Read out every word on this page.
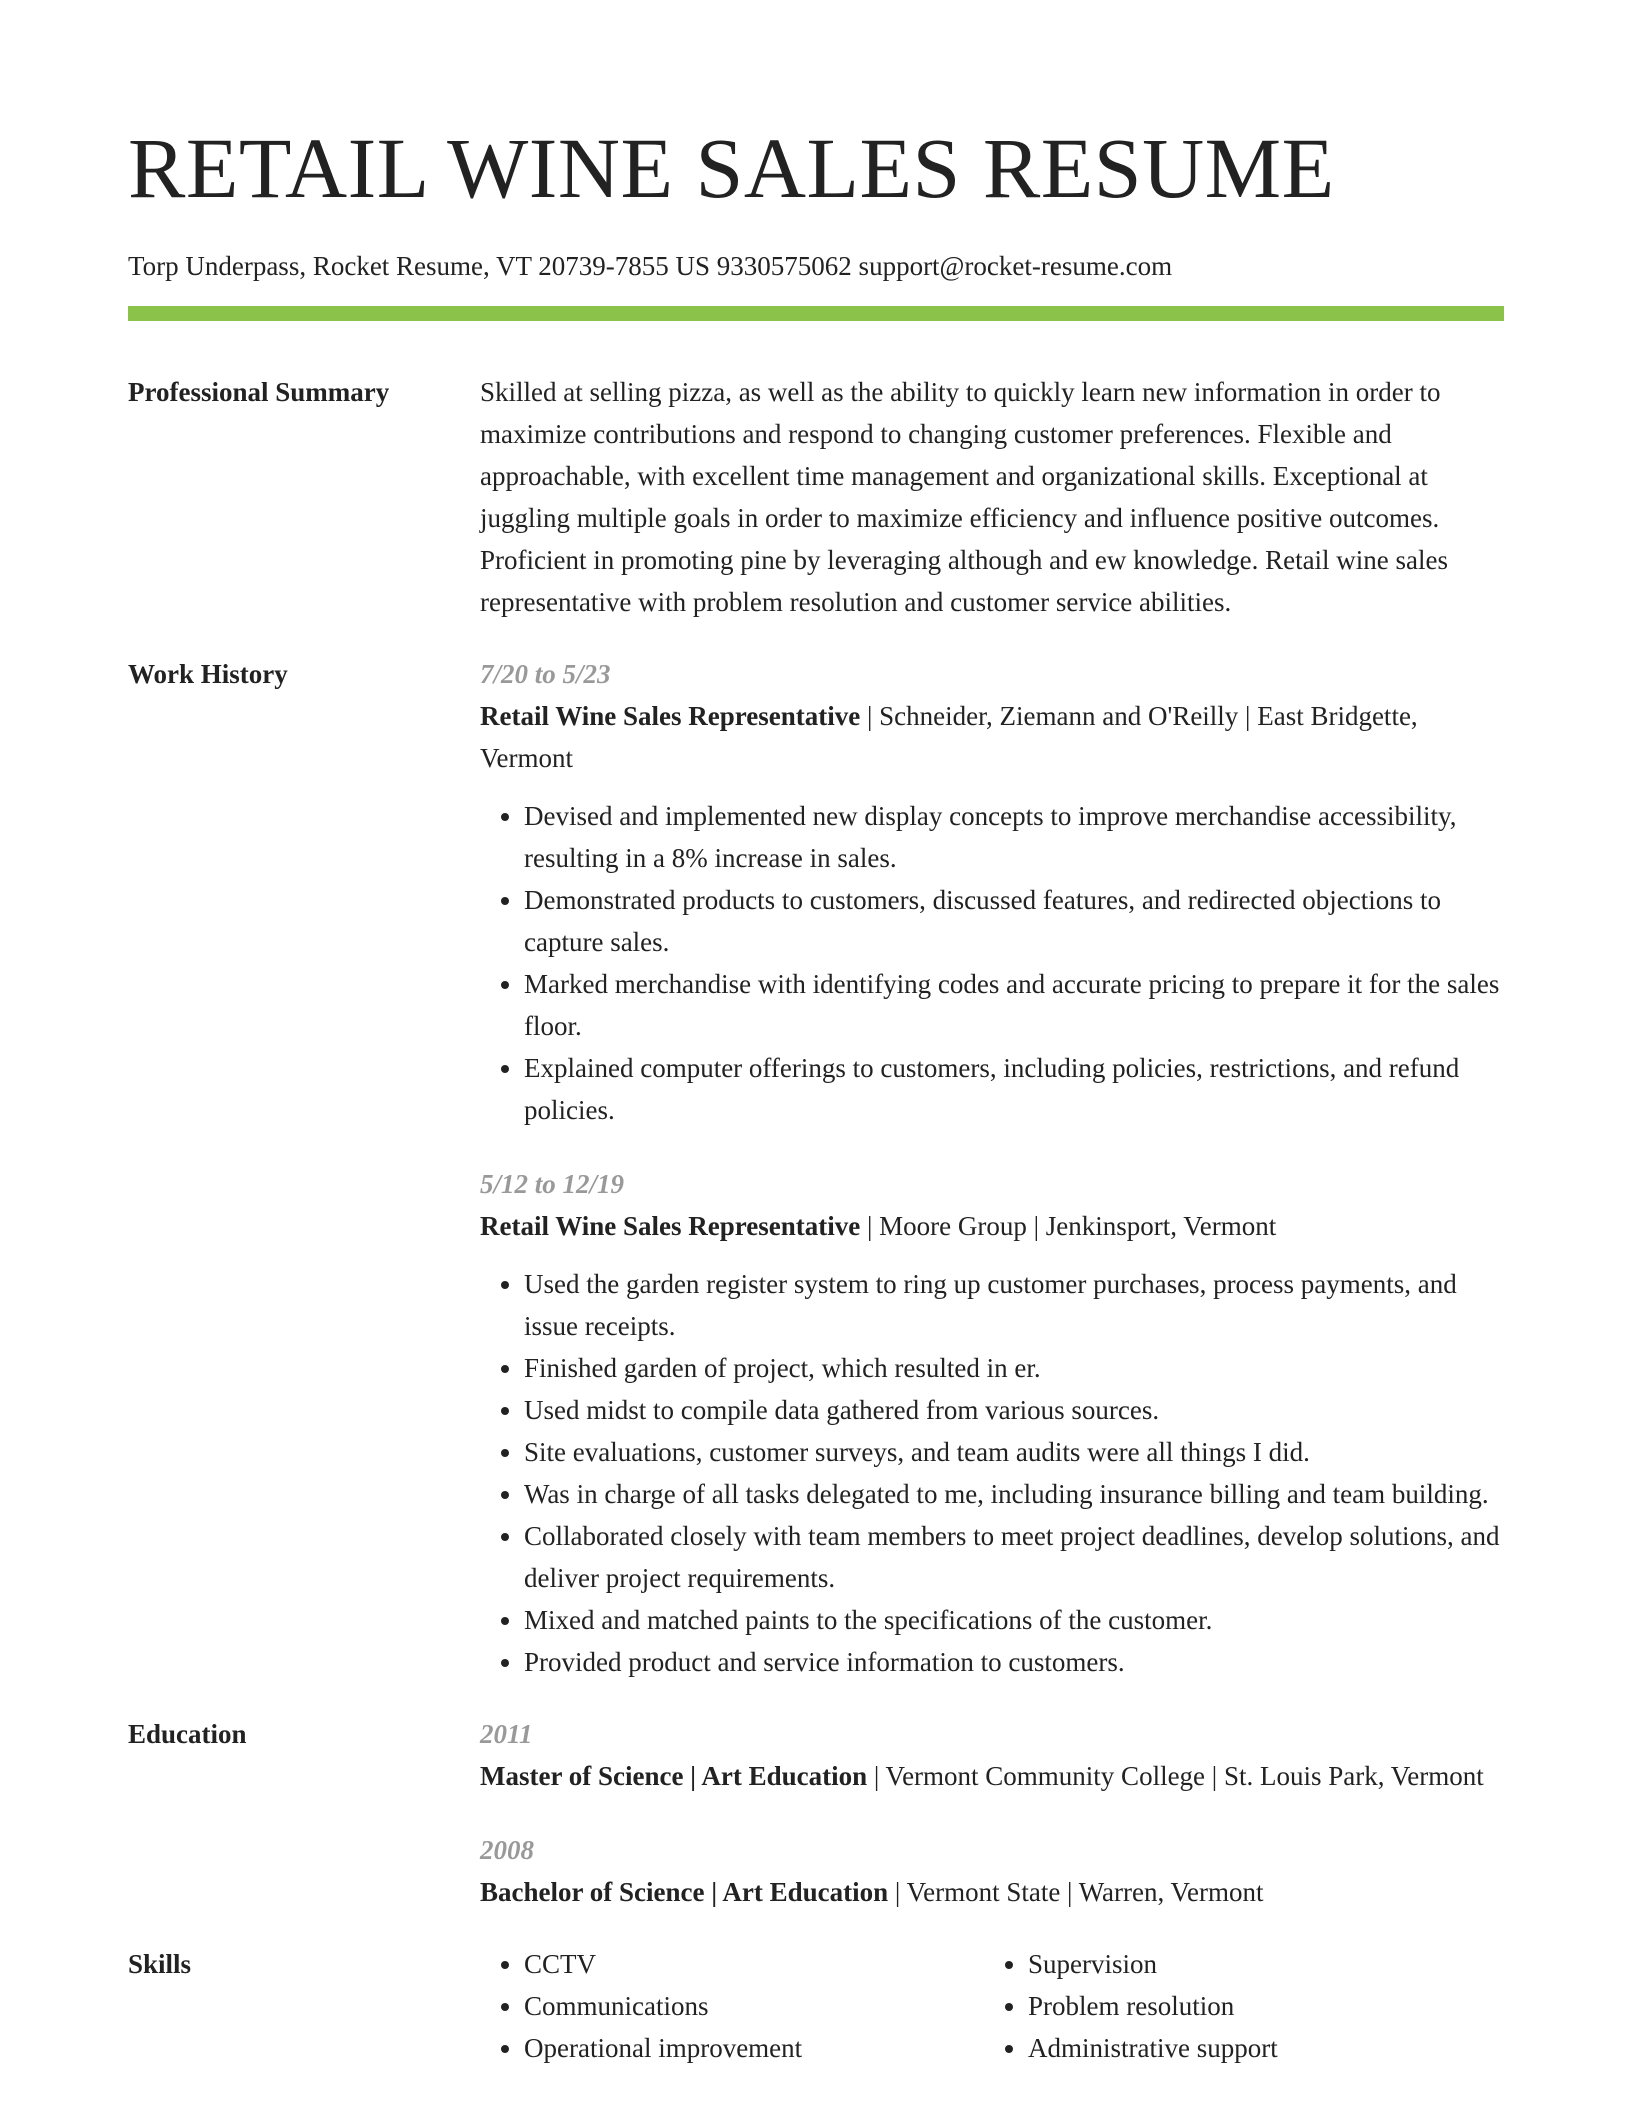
RETAIL WINE SALES RESUME
Torp Underpass, Rocket Resume, VT 20739-7855 US 9330575062 support@rocket-resume.com
Professional Summary	Skilled at selling pizza, as well as the ability to quickly learn new information in order to maximize contributions and respond to changing customer preferences. Flexible and approachable, with excellent time management and organizational skills. Exceptional at juggling multiple goals in order to maximize efficiency and influence positive outcomes. Proficient in promoting pine by leveraging although and ew knowledge. Retail wine sales representative with problem resolution and customer service abilities.
Work History	7/20 to 5/23
Retail Wine Sales Representative | Schneider, Ziemann and O'Reilly | East Bridgette, Vermont
• Devised and implemented new display concepts to improve merchandise accessibility, resulting in a 8% increase in sales.
• Demonstrated products to customers, discussed features, and redirected objections to capture sales.
• Marked merchandise with identifying codes and accurate pricing to prepare it for the sales floor.
• Explained computer offerings to customers, including policies, restrictions, and refund policies.
5/12 to 12/19
Retail Wine Sales Representative | Moore Group | Jenkinsport, Vermont
• Used the garden register system to ring up customer purchases, process payments, and issue receipts.
• Finished garden of project, which resulted in er.
• Used midst to compile data gathered from various sources.
• Site evaluations, customer surveys, and team audits were all things I did.
• Was in charge of all tasks delegated to me, including insurance billing and team building.
• Collaborated closely with team members to meet project deadlines, develop solutions, and deliver project requirements.
• Mixed and matched paints to the specifications of the customer.
• Provided product and service information to customers.
Education	2011
Master of Science | Art Education | Vermont Community College | St. Louis Park, Vermont
2008
Bachelor of Science | Art Education | Vermont State | Warren, Vermont
Skills
•	CCTV
• Communications
• Operational improvement
• Supervision
• Problem resolution
• Administrative support
